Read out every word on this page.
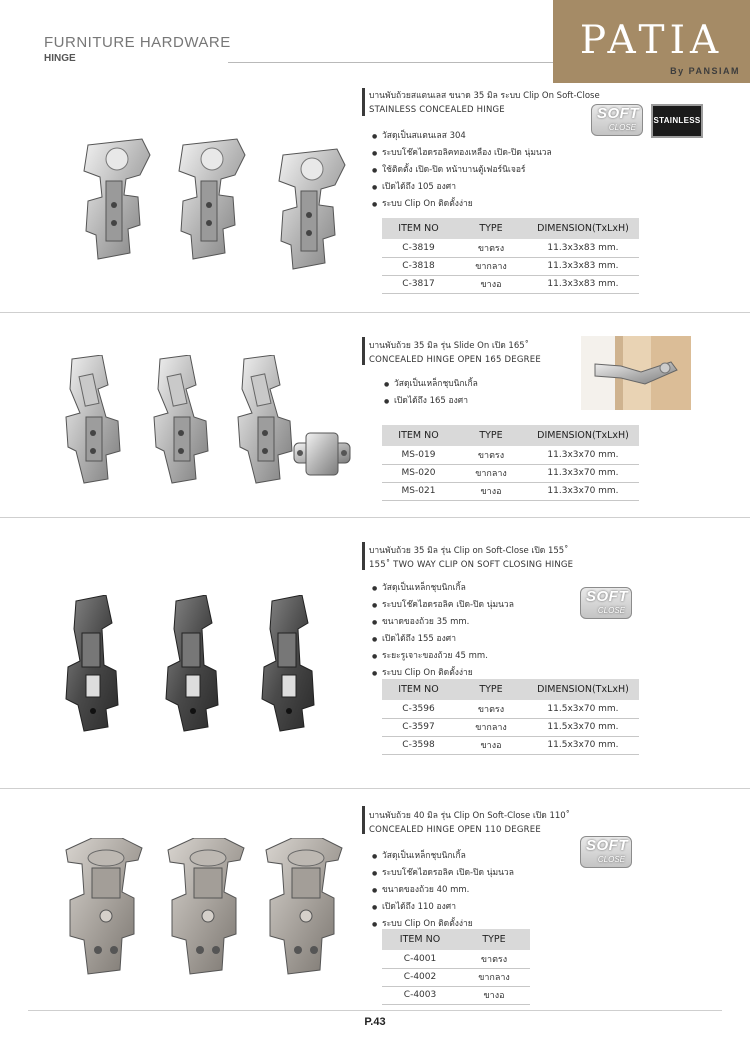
FURNITURE HARDWARE
HINGE	PATIA
By PANSIAM
บานพับถ้วยสแตนเลส ขนาด 35 มิล ระบบ Clip On Soft-Close
STAINLESS CONCEALED HINGE	SOFT
CLOSE
STAINLESS
● วัสดุเป็นสแตนเลส 304
● ระบบโช๊คไฮดรอลิคทองเหลือง เปิด-ปิด นุ่มนวล
● ใช้ติดตั้ง เปิด-ปิด หน้าบานตู้เฟอร์นิเจอร์
● เปิดได้ถึง 105 องศา
● ระบบ Clip On ติดตั้งง่าย
ITEM NO	TYPE	DIMENSION(TxLxH)
C-3819	ขาตรง	11.3x3x83 mm.
C-3818	ขากลาง	11.3x3x83 mm.
C-3817	ขางอ	11.3x3x83 mm.
บานพับถ้วย 35 มิล รุ่น Slide On เปิด 165˚
CONCEALED HINGE OPEN 165 DEGREE
● วัสดุเป็นเหล็กชุบนิกเกิ้ล
● เปิดได้ถึง 165 องศา
ITEM NO	TYPE	DIMENSION(TxLxH)
MS-019	ขาตรง	11.3x3x70 mm.
MS-020	ขากลาง	11.3x3x70 mm.
MS-021	ขางอ	11.3x3x70 mm.
บานพับถ้วย 35 มิล รุ่น Clip on Soft-Close เปิด 155˚
155˚ TWO WAY CLIP ON SOFT CLOSING HINGE
SOFT
CLOSE
● วัสดุเป็นเหล็กชุบนิกเกิ้ล
● ระบบโช๊คไฮดรอลิค เปิด-ปิด นุ่มนวล
● ขนาดของถ้วย 35 mm.
● เปิดได้ถึง 155 องศา
● ระยะรูเจาะของถ้วย 45 mm.
● ระบบ Clip On ติดตั้งง่าย
ITEM NO	TYPE	DIMENSION(TxLxH)
C-3596	ขาตรง	11.5x3x70 mm.
C-3597	ขากลาง	11.5x3x70 mm.
C-3598	ขางอ	11.5x3x70 mm.
บานพับถ้วย 40 มิล รุ่น Clip On Soft-Close เปิด 110˚
CONCEALED HINGE OPEN 110 DEGREE
SOFT
CLOSE
● วัสดุเป็นเหล็กชุบนิกเกิ้ล
● ระบบโช๊คไฮดรอลิค เปิด-ปิด นุ่มนวล
● ขนาดของถ้วย 40 mm.
● เปิดได้ถึง 110 องศา
● ระบบ Clip On ติดตั้งง่าย
ITEM NO	TYPE
C-4001	ขาตรง
C-4002	ขากลาง
C-4003	ขางอ
P.43
